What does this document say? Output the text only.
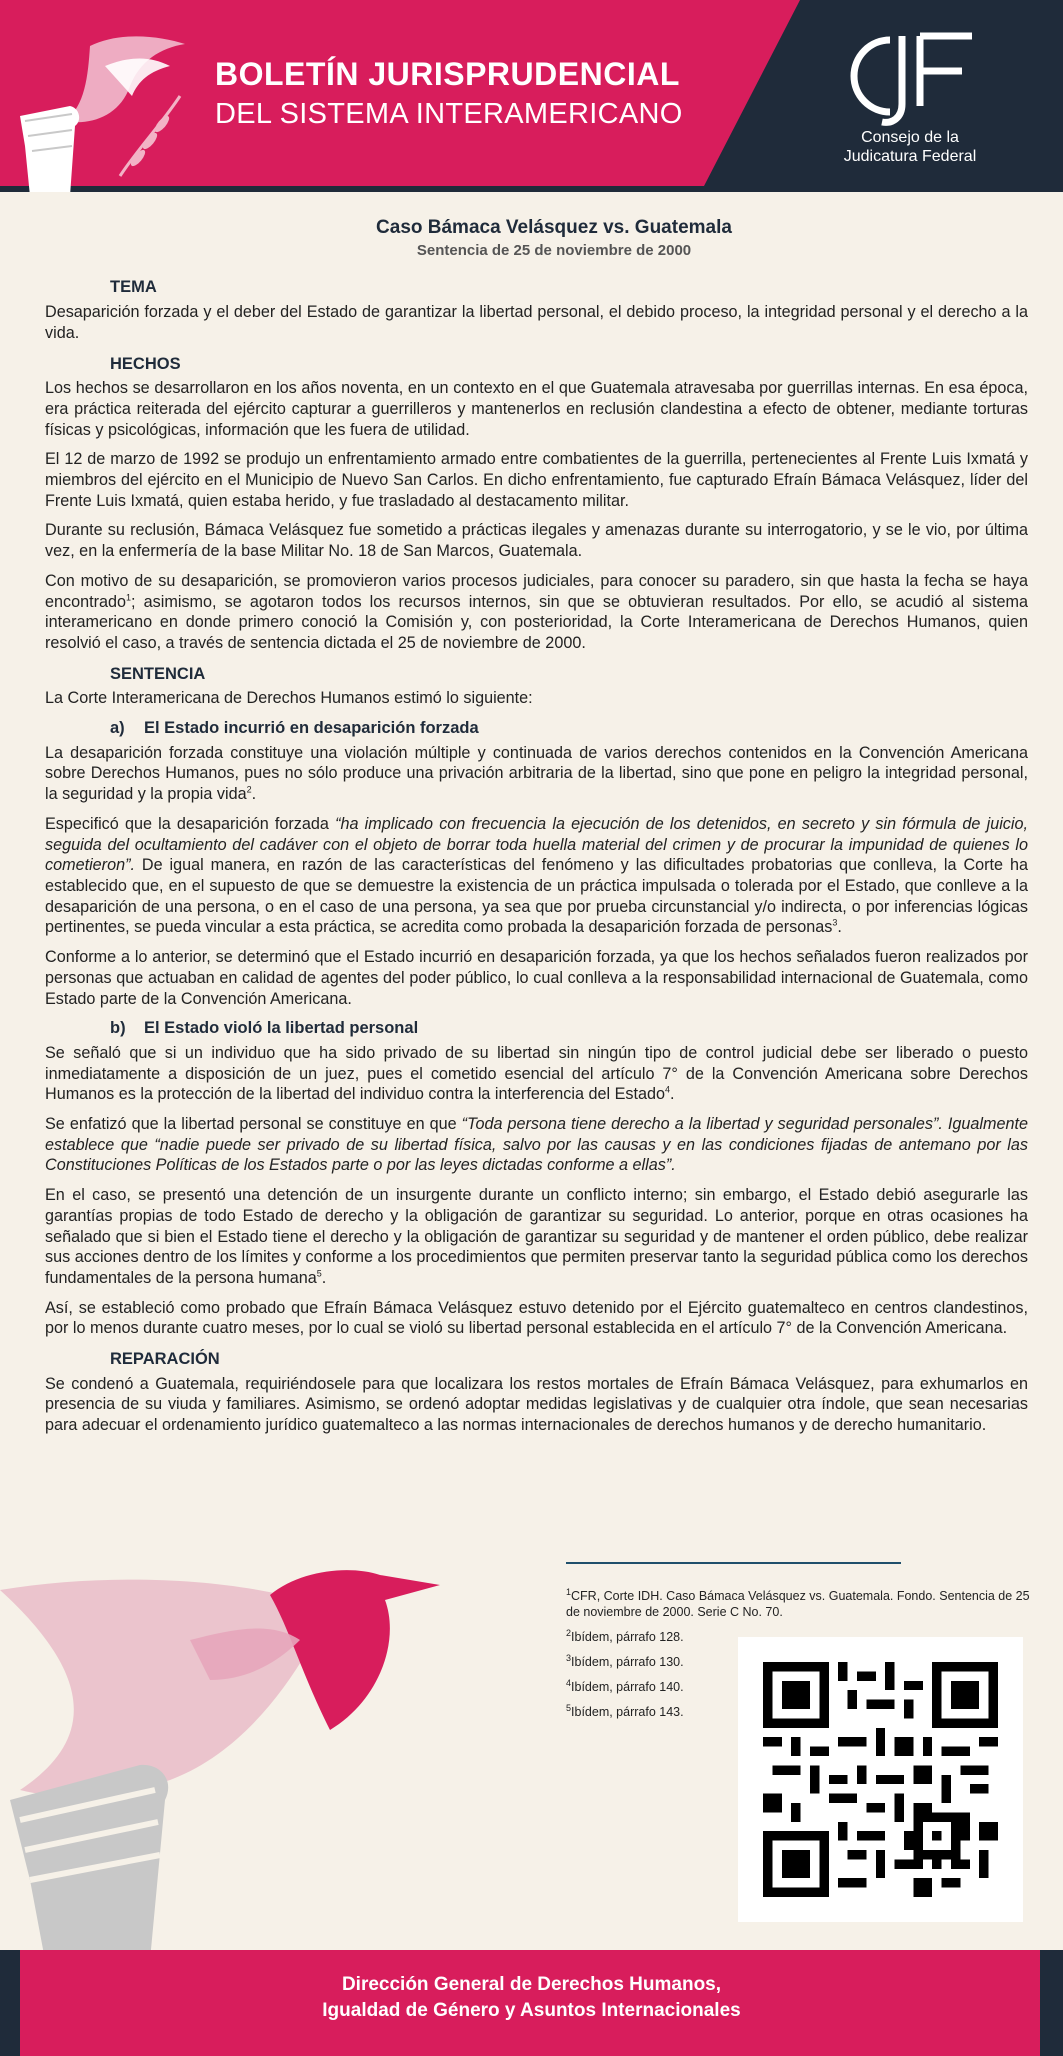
BOLETÍN JURISPRUDENCIAL
DEL SISTEMA INTERAMERICANO
Consejo de la
Judicatura Federal
Caso Bámaca Velásquez vs. Guatemala
Sentencia de 25 de noviembre de 2000
TEMA

Desaparición forzada y el deber del Estado de garantizar la libertad personal, el debido proceso, la integridad personal y el derecho a la vida.

HECHOS

Los hechos se desarrollaron en los años noventa, en un contexto en el que Guatemala atravesaba por guerrillas internas. En esa época, era práctica reiterada del ejército capturar a guerrilleros y mantenerlos en reclusión clandestina a efecto de obtener, mediante torturas físicas y psicológicas, información que les fuera de utilidad.

El 12 de marzo de 1992 se produjo un enfrentamiento armado entre combatientes de la guerrilla, pertenecientes al Frente Luis Ixmatá y miembros del ejército en el Municipio de Nuevo San Carlos. En dicho enfrentamiento, fue capturado Efraín Bámaca Velásquez, líder del Frente Luis Ixmatá, quien estaba herido, y fue trasladado al destacamento militar.

Durante su reclusión, Bámaca Velásquez fue sometido a prácticas ilegales y amenazas durante su interrogatorio, y se le vio, por última vez, en la enfermería de la base Militar No. 18 de San Marcos, Guatemala.

Con motivo de su desaparición, se promovieron varios procesos judiciales, para conocer su paradero, sin que hasta la fecha se haya encontrado$^1$; asimismo, se agotaron todos los recursos internos, sin que se obtuvieran resultados. Por ello, se acudió al sistema interamericano en donde primero conoció la Comisión y, con posterioridad, la Corte Interamericana de Derechos Humanos, quien resolvió el caso, a través de sentencia dictada el 25 de noviembre de 2000.

SENTENCIA

La Corte Interamericana de Derechos Humanos estimó lo siguiente:

a) El Estado incurrió en desaparición forzada

La desaparición forzada constituye una violación múltiple y continuada de varios derechos contenidos en la Convención Americana sobre Derechos Humanos, pues no sólo produce una privación arbitraria de la libertad, sino que pone en peligro la integridad personal, la seguridad y la propia vida$^2$.

Especificó que la desaparición forzada “ha implicado con frecuencia la ejecución de los detenidos, en secreto y sin fórmula de juicio, seguida del ocultamiento del cadáver con el objeto de borrar toda huella material del crimen y de procurar la impunidad de quienes lo cometieron”. De igual manera, en razón de las características del fenómeno y las dificultades probatorias que conlleva, la Corte ha establecido que, en el supuesto de que se demuestre la existencia de un práctica impulsada o tolerada por el Estado, que conlleve a la desaparición de una persona, o en el caso de una persona, ya sea que por prueba circunstancial y/o indirecta, o por inferencias lógicas pertinentes, se pueda vincular a esta práctica, se acredita como probada la desaparición forzada de personas$^3$.

Conforme a lo anterior, se determinó que el Estado incurrió en desaparición forzada, ya que los hechos señalados fueron realizados por personas que actuaban en calidad de agentes del poder público, lo cual conlleva a la responsabilidad internacional de Guatemala, como Estado parte de la Convención Americana.

b) El Estado violó la libertad personal

Se señaló que si un individuo que ha sido privado de su libertad sin ningún tipo de control judicial debe ser liberado o puesto inmediatamente a disposición de un juez, pues el cometido esencial del artículo 7° de la Convención Americana sobre Derechos Humanos es la protección de la libertad del individuo contra la interferencia del Estado$^4$.

Se enfatizó que la libertad personal se constituye en que “Toda persona tiene derecho a la libertad y seguridad personales”. Igualmente establece que “nadie puede ser privado de su libertad física, salvo por las causas y en las condiciones fijadas de antemano por las Constituciones Políticas de los Estados parte o por las leyes dictadas conforme a ellas”.

En el caso, se presentó una detención de un insurgente durante un conflicto interno; sin embargo, el Estado debió asegurarle las garantías propias de todo Estado de derecho y la obligación de garantizar su seguridad. Lo anterior, porque en otras ocasiones ha señalado que si bien el Estado tiene el derecho y la obligación de garantizar su seguridad y de mantener el orden público, debe realizar sus acciones dentro de los límites y conforme a los procedimientos que permiten preservar tanto la seguridad pública como los derechos fundamentales de la persona humana$^5$.

Así, se estableció como probado que Efraín Bámaca Velásquez estuvo detenido por el Ejército guatemalteco en centros clandestinos, por lo menos durante cuatro meses, por lo cual se violó su libertad personal establecida en el artículo 7° de la Convención Americana.

REPARACIÓN

Se condenó a Guatemala, requiriéndosele para que localizara los restos mortales de Efraín Bámaca Velásquez, para exhumarlos en presencia de su viuda y familiares. Asimismo, se ordenó adoptar medidas legislativas y de cualquier otra índole, que sean necesarias para adecuar el ordenamiento jurídico guatemalteco a las normas internacionales de derechos humanos y de derecho humanitario.

$^1$CFR, Corte IDH. Caso Bámaca Velásquez vs. Guatemala. Fondo. Sentencia de 25 de noviembre de 2000. Serie C No. 70.
$^2$Ibídem, párrafo 128.
$^3$Ibídem, párrafo 130.
$^4$Ibídem, párrafo 140.
$^5$Ibídem, párrafo 143.
Dirección General de Derechos Humanos,
Igualdad de Género y Asuntos Internacionales
